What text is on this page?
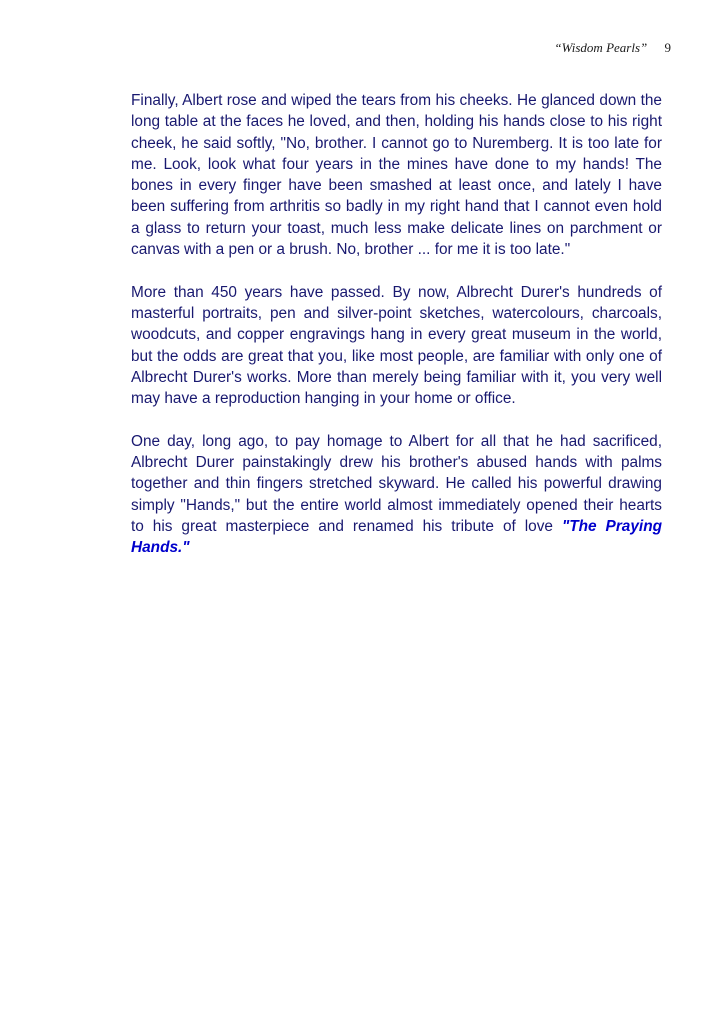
“Wisdom Pearls” 9

Finally, Albert rose and wiped the tears from his cheeks. He glanced down the long table at the faces he loved, and then, holding his hands close to his right cheek, he said softly, "No, brother. I cannot go to Nuremberg. It is too late for me. Look, look what four years in the mines have done to my hands! The bones in every finger have been smashed at least once, and lately I have been suffering from arthritis so badly in my right hand that I cannot even hold a glass to return your toast, much less make delicate lines on parchment or canvas with a pen or a brush. No, brother ... for me it is too late."

More than 450 years have passed. By now, Albrecht Durer's hundreds of masterful portraits, pen and silver-point sketches, watercolours, charcoals, woodcuts, and copper engravings hang in every great museum in the world, but the odds are great that you, like most people, are familiar with only one of Albrecht Durer's works. More than merely being familiar with it, you very well may have a reproduction hanging in your home or office.

One day, long ago, to pay homage to Albert for all that he had sacrificed, Albrecht Durer painstakingly drew his brother's abused hands with palms together and thin fingers stretched skyward. He called his powerful drawing simply "Hands," but the entire world almost immediately opened their hearts to his great masterpiece and renamed his tribute of love "The Praying Hands."
